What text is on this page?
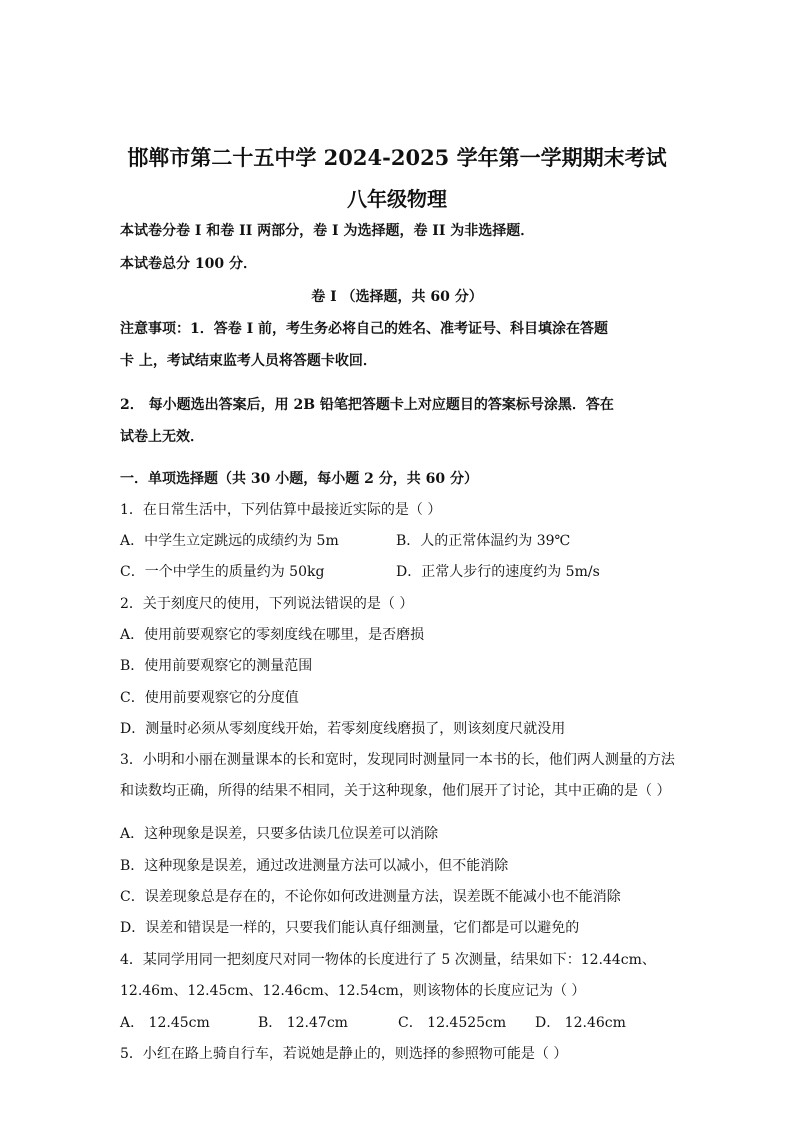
邯郸市第二十五中学 2024-2025 学年第一学期期末考试
八年级物理
本试卷分卷 I 和卷 II 两部分，卷 I 为选择题，卷 II 为非选择题．
本试卷总分 100 分．
卷 I （选择题，共 60 分）
注意事项：1．答卷 I 前，考生务必将自己的姓名、准考证号、科目填涂在答题
卡 上，考试结束监考人员将答题卡收回．
2． 每小题选出答案后，用 2B 铅笔把答题卡上对应题目的答案标号涂黑．答在
试卷上无效．
一．单项选择题（共 30 小题，每小题 2 分，共 60 分）
1．在日常生活中，下列估算中最接近实际的是（ ）
A．中学生立定跳远的成绩约为 5m	B．人的正常体温约为 39℃
C．一个中学生的质量约为 50kg	D．正常人步行的速度约为 5m/s
2．关于刻度尺的使用，下列说法错误的是（ ）
A．使用前要观察它的零刻度线在哪里，是否磨损
B．使用前要观察它的测量范围
C．使用前要观察它的分度值
D．测量时必须从零刻度线开始，若零刻度线磨损了，则该刻度尺就没用
3．小明和小丽在测量课本的长和宽时，发现同时测量同一本书的长，他们两人测量的方法
和读数均正确，所得的结果不相同，关于这种现象，他们展开了讨论，其中正确的是（ ）
A．这种现象是误差，只要多估读几位误差可以消除
B．这种现象是误差，通过改进测量方法可以减小，但不能消除
C．误差现象总是存在的，不论你如何改进测量方法，误差既不能减小也不能消除
D．误差和错误是一样的，只要我们能认真仔细测量，它们都是可以避免的
4．某同学用同一把刻度尺对同一物体的长度进行了 5 次测量，结果如下：12.44cm、
12.46m、12.45cm、12.46cm、12.54cm，则该物体的长度应记为（ ）
A． 12.45cm	B． 12.47cm	C． 12.4525cm D． 12.46cm
5．小红在路上骑自行车，若说她是静止的，则选择的参照物可能是（ ）
